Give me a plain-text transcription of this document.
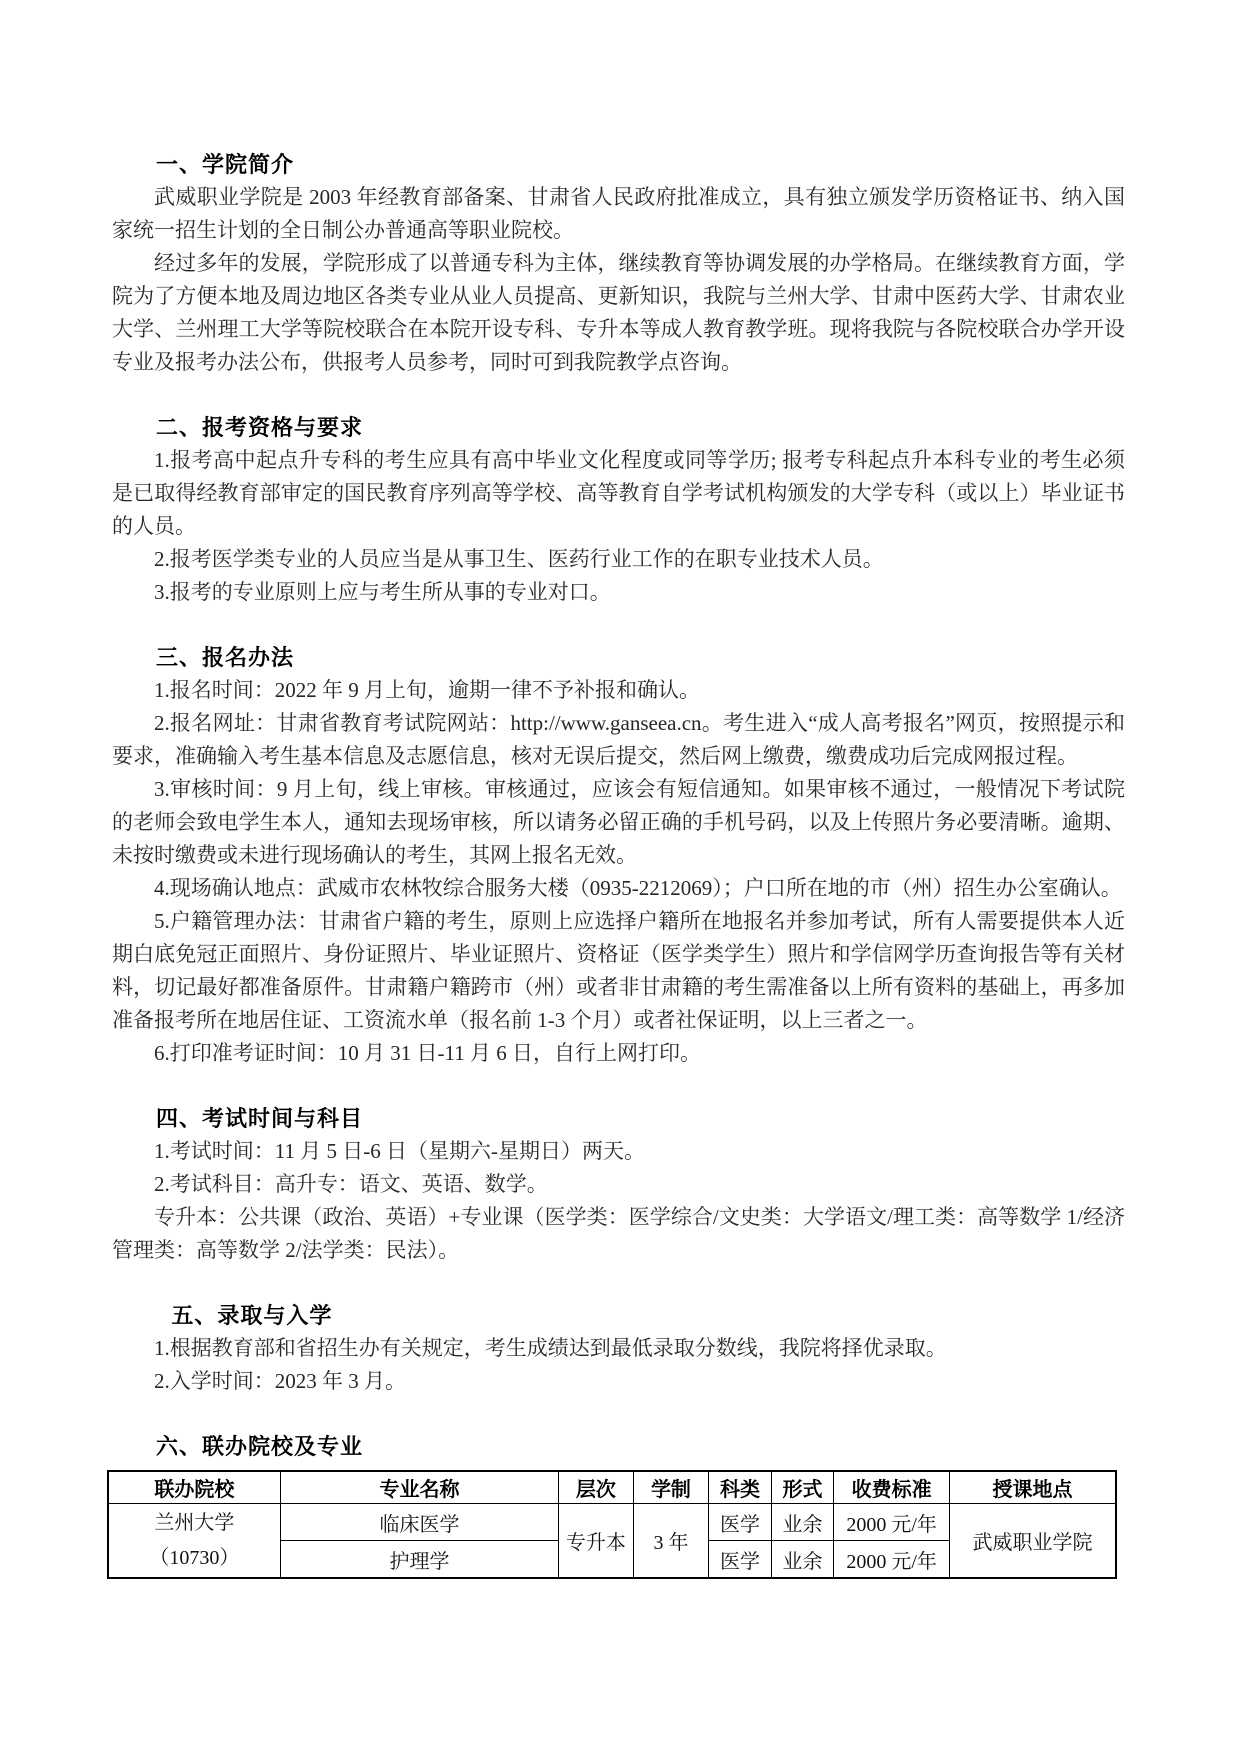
一、学院简介

武威职业学院是 2003 年经教育部备案、甘肃省人民政府批准成立，具有独立颁发学历资格证书、纳入国家统一招生计划的全日制公办普通高等职业院校。

经过多年的发展，学院形成了以普通专科为主体，继续教育等协调发展的办学格局。在继续教育方面，学院为了方便本地及周边地区各类专业从业人员提高、更新知识，我院与兰州大学、甘肃中医药大学、甘肃农业大学、兰州理工大学等院校联合在本院开设专科、专升本等成人教育教学班。现将我院与各院校联合办学开设专业及报考办法公布，供报考人员参考，同时可到我院教学点咨询。

二、报考资格与要求

1.报考高中起点升专科的考生应具有高中毕业文化程度或同等学历; 报考专科起点升本科专业的考生必须是已取得经教育部审定的国民教育序列高等学校、高等教育自学考试机构颁发的大学专科（或以上）毕业证书的人员。

2.报考医学类专业的人员应当是从事卫生、医药行业工作的在职专业技术人员。

3.报考的专业原则上应与考生所从事的专业对口。

三、报名办法

1.报名时间：2022 年 9 月上旬，逾期一律不予补报和确认。

2.报名网址：甘肃省教育考试院网站：http://www.ganseea.cn。考生进入“成人高考报名”网页，按照提示和要求，准确输入考生基本信息及志愿信息，核对无误后提交，然后网上缴费，缴费成功后完成网报过程。

3.审核时间：9 月上旬，线上审核。审核通过，应该会有短信通知。如果审核不通过，一般情况下考试院的老师会致电学生本人，通知去现场审核，所以请务必留正确的手机号码，以及上传照片务必要清晰。逾期、未按时缴费或未进行现场确认的考生，其网上报名无效。

4.现场确认地点：武威市农林牧综合服务大楼（0935-2212069）；户口所在地的市（州）招生办公室确认。

5.户籍管理办法：甘肃省户籍的考生，原则上应选择户籍所在地报名并参加考试，所有人需要提供本人近期白底免冠正面照片、身份证照片、毕业证照片、资格证（医学类学生）照片和学信网学历查询报告等有关材料，切记最好都准备原件。甘肃籍户籍跨市（州）或者非甘肃籍的考生需准备以上所有资料的基础上，再多加准备报考所在地居住证、工资流水单（报名前 1-3 个月）或者社保证明，以上三者之一。

6.打印准考证时间：10 月 31 日-11 月 6 日，自行上网打印。

四、考试时间与科目

1.考试时间：11 月 5 日-6 日（星期六-星期日）两天。

2.考试科目：高升专：语文、英语、数学。

专升本：公共课（政治、英语）+专业课（医学类：医学综合/文史类：大学语文/理工类：高等数学 1/经济管理类：高等数学 2/法学类：民法）。

五、录取与入学

1.根据教育部和省招生办有关规定，考生成绩达到最低录取分数线，我院将择优录取。

2.入学时间：2023 年 3 月。

六、联办院校及专业
联办院校	专业名称	层次	学制	科类	形式	收费标准	授课地点

兰州大学
（10730）	临床医学	专升本	3 年	医学	业余	2000 元/年	武威职业学院
	护理学			医学	业余	2000 元/年	
